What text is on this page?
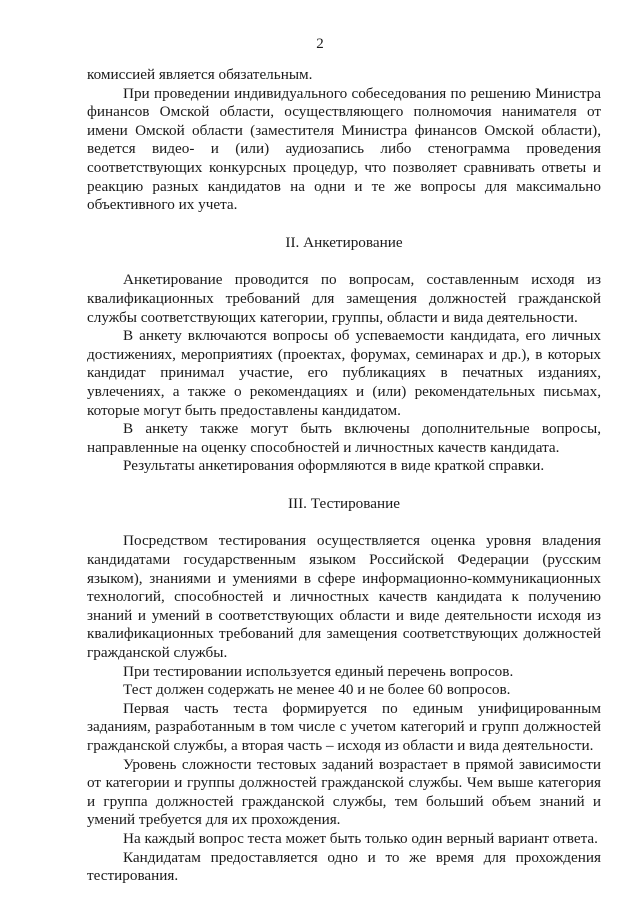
2

комиссией является обязательным.

При проведении индивидуального собеседования по решению Министра финансов Омской области, осуществляющего полномочия нанимателя от имени Омской области (заместителя Министра финансов Омской области), ведется видео- и (или) аудиозапись либо стенограмма проведения соответствующих конкурсных процедур, что позволяет сравнивать ответы и реакцию разных кандидатов на одни и те же вопросы для максимально объективного их учета.

II. Анкетирование

Анкетирование проводится по вопросам, составленным исходя из квалификационных требований для замещения должностей гражданской службы соответствующих категории, группы, области и вида деятельности.

В анкету включаются вопросы об успеваемости кандидата, его личных достижениях, мероприятиях (проектах, форумах, семинарах и др.), в которых кандидат принимал участие, его публикациях в печатных изданиях, увлечениях, а также о рекомендациях и (или) рекомендательных письмах, которые могут быть предоставлены кандидатом.

В анкету также могут быть включены дополнительные вопросы, направленные на оценку способностей и личностных качеств кандидата.

Результаты анкетирования оформляются в виде краткой справки.

III. Тестирование

Посредством тестирования осуществляется оценка уровня владения кандидатами государственным языком Российской Федерации (русским языком), знаниями и умениями в сфере информационно-коммуникационных технологий, способностей и личностных качеств кандидата к получению знаний и умений в соответствующих области и виде деятельности исходя из квалификационных требований для замещения соответствующих должностей гражданской службы.

При тестировании используется единый перечень вопросов.

Тест должен содержать не менее 40 и не более 60 вопросов.

Первая часть теста формируется по единым унифицированным заданиям, разработанным в том числе с учетом категорий и групп должностей гражданской службы, а вторая часть – исходя из области и вида деятельности.

Уровень сложности тестовых заданий возрастает в прямой зависимости от категории и группы должностей гражданской службы. Чем выше категория и группа должностей гражданской службы, тем больший объем знаний и умений требуется для их прохождения.

На каждый вопрос теста может быть только один верный вариант ответа.

Кандидатам предоставляется одно и то же время для прохождения тестирования.
